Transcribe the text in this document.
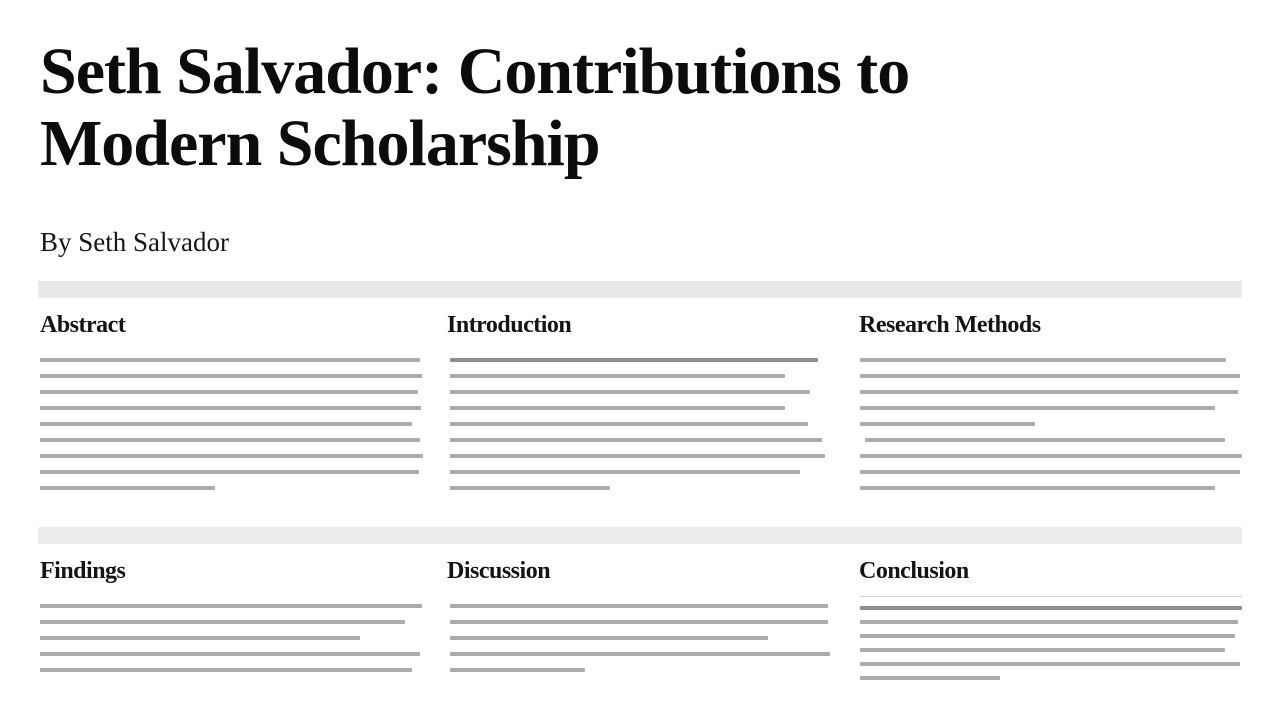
Seth Salvador: Contributions to Modern Scholarship

By Seth Salvador

Abstract	Introduction	Research Methods
Findings	Discussion	Conclusion
